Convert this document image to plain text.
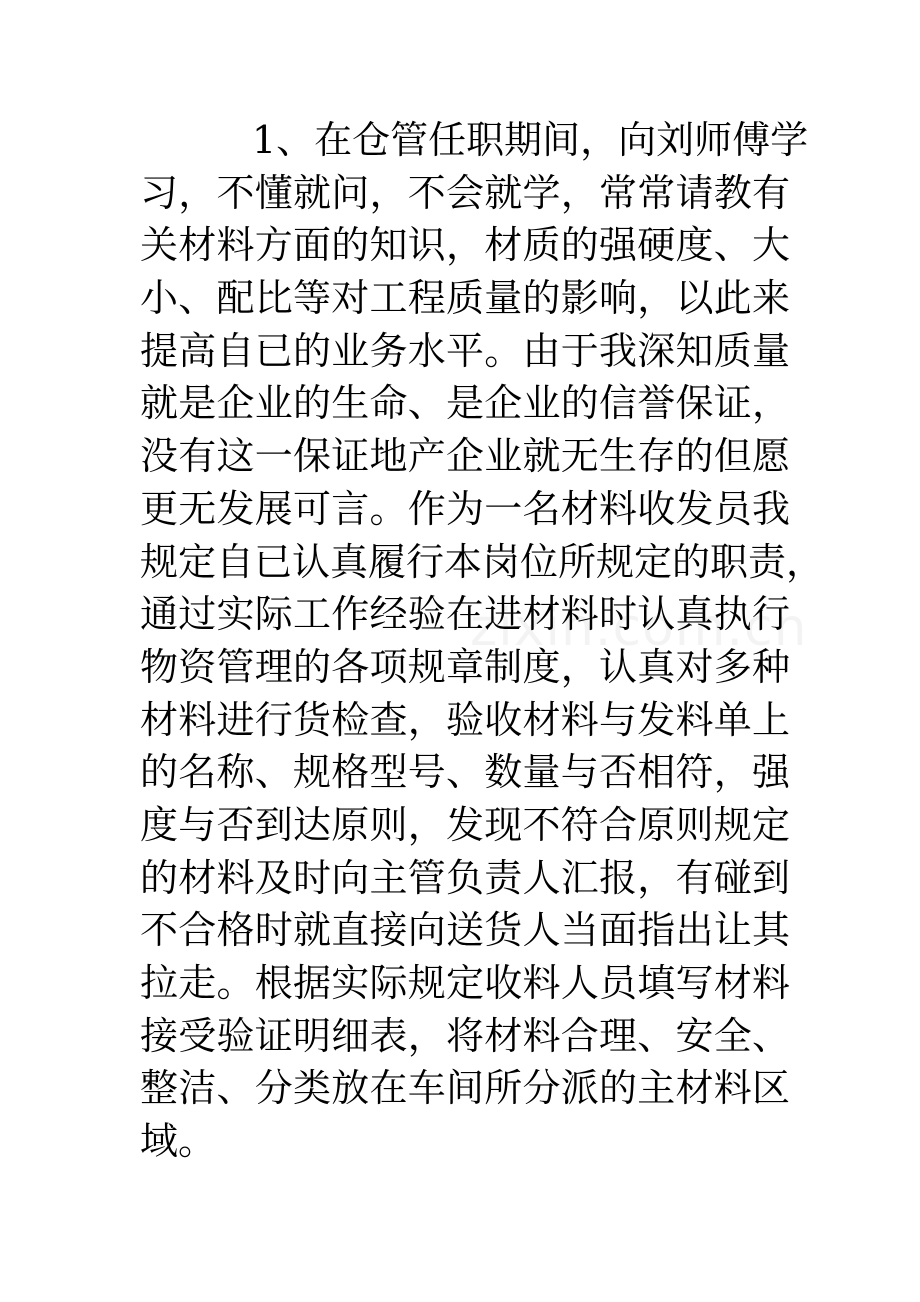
1、在仓管任职期间，向刘师傅学
习，不懂就问，不会就学，常常请教有
关材料方面的知识，材质的强硬度、大
小、配比等对工程质量的影响，以此来
提高自已的业务水平。由于我深知质量
就是企业的生命、是企业的信誉保证，
没有这一保证地产企业就无生存的但愿
更无发展可言。作为一名材料收发员我
规定自已认真履行本岗位所规定的职责，
通过实际工作经验在进材料时认真执行
物资管理的各项规章制度，认真对多种
材料进行货检查，验收材料与发料单上
的名称、规格型号、数量与否相符，强
度与否到达原则，发现不符合原则规定
的材料及时向主管负责人汇报，有碰到
不合格时就直接向送货人当面指出让其
拉走。根据实际规定收料人员填写材料
接受验证明细表，将材料合理、安全、
整洁、分类放在车间所分派的主材料区
域。
